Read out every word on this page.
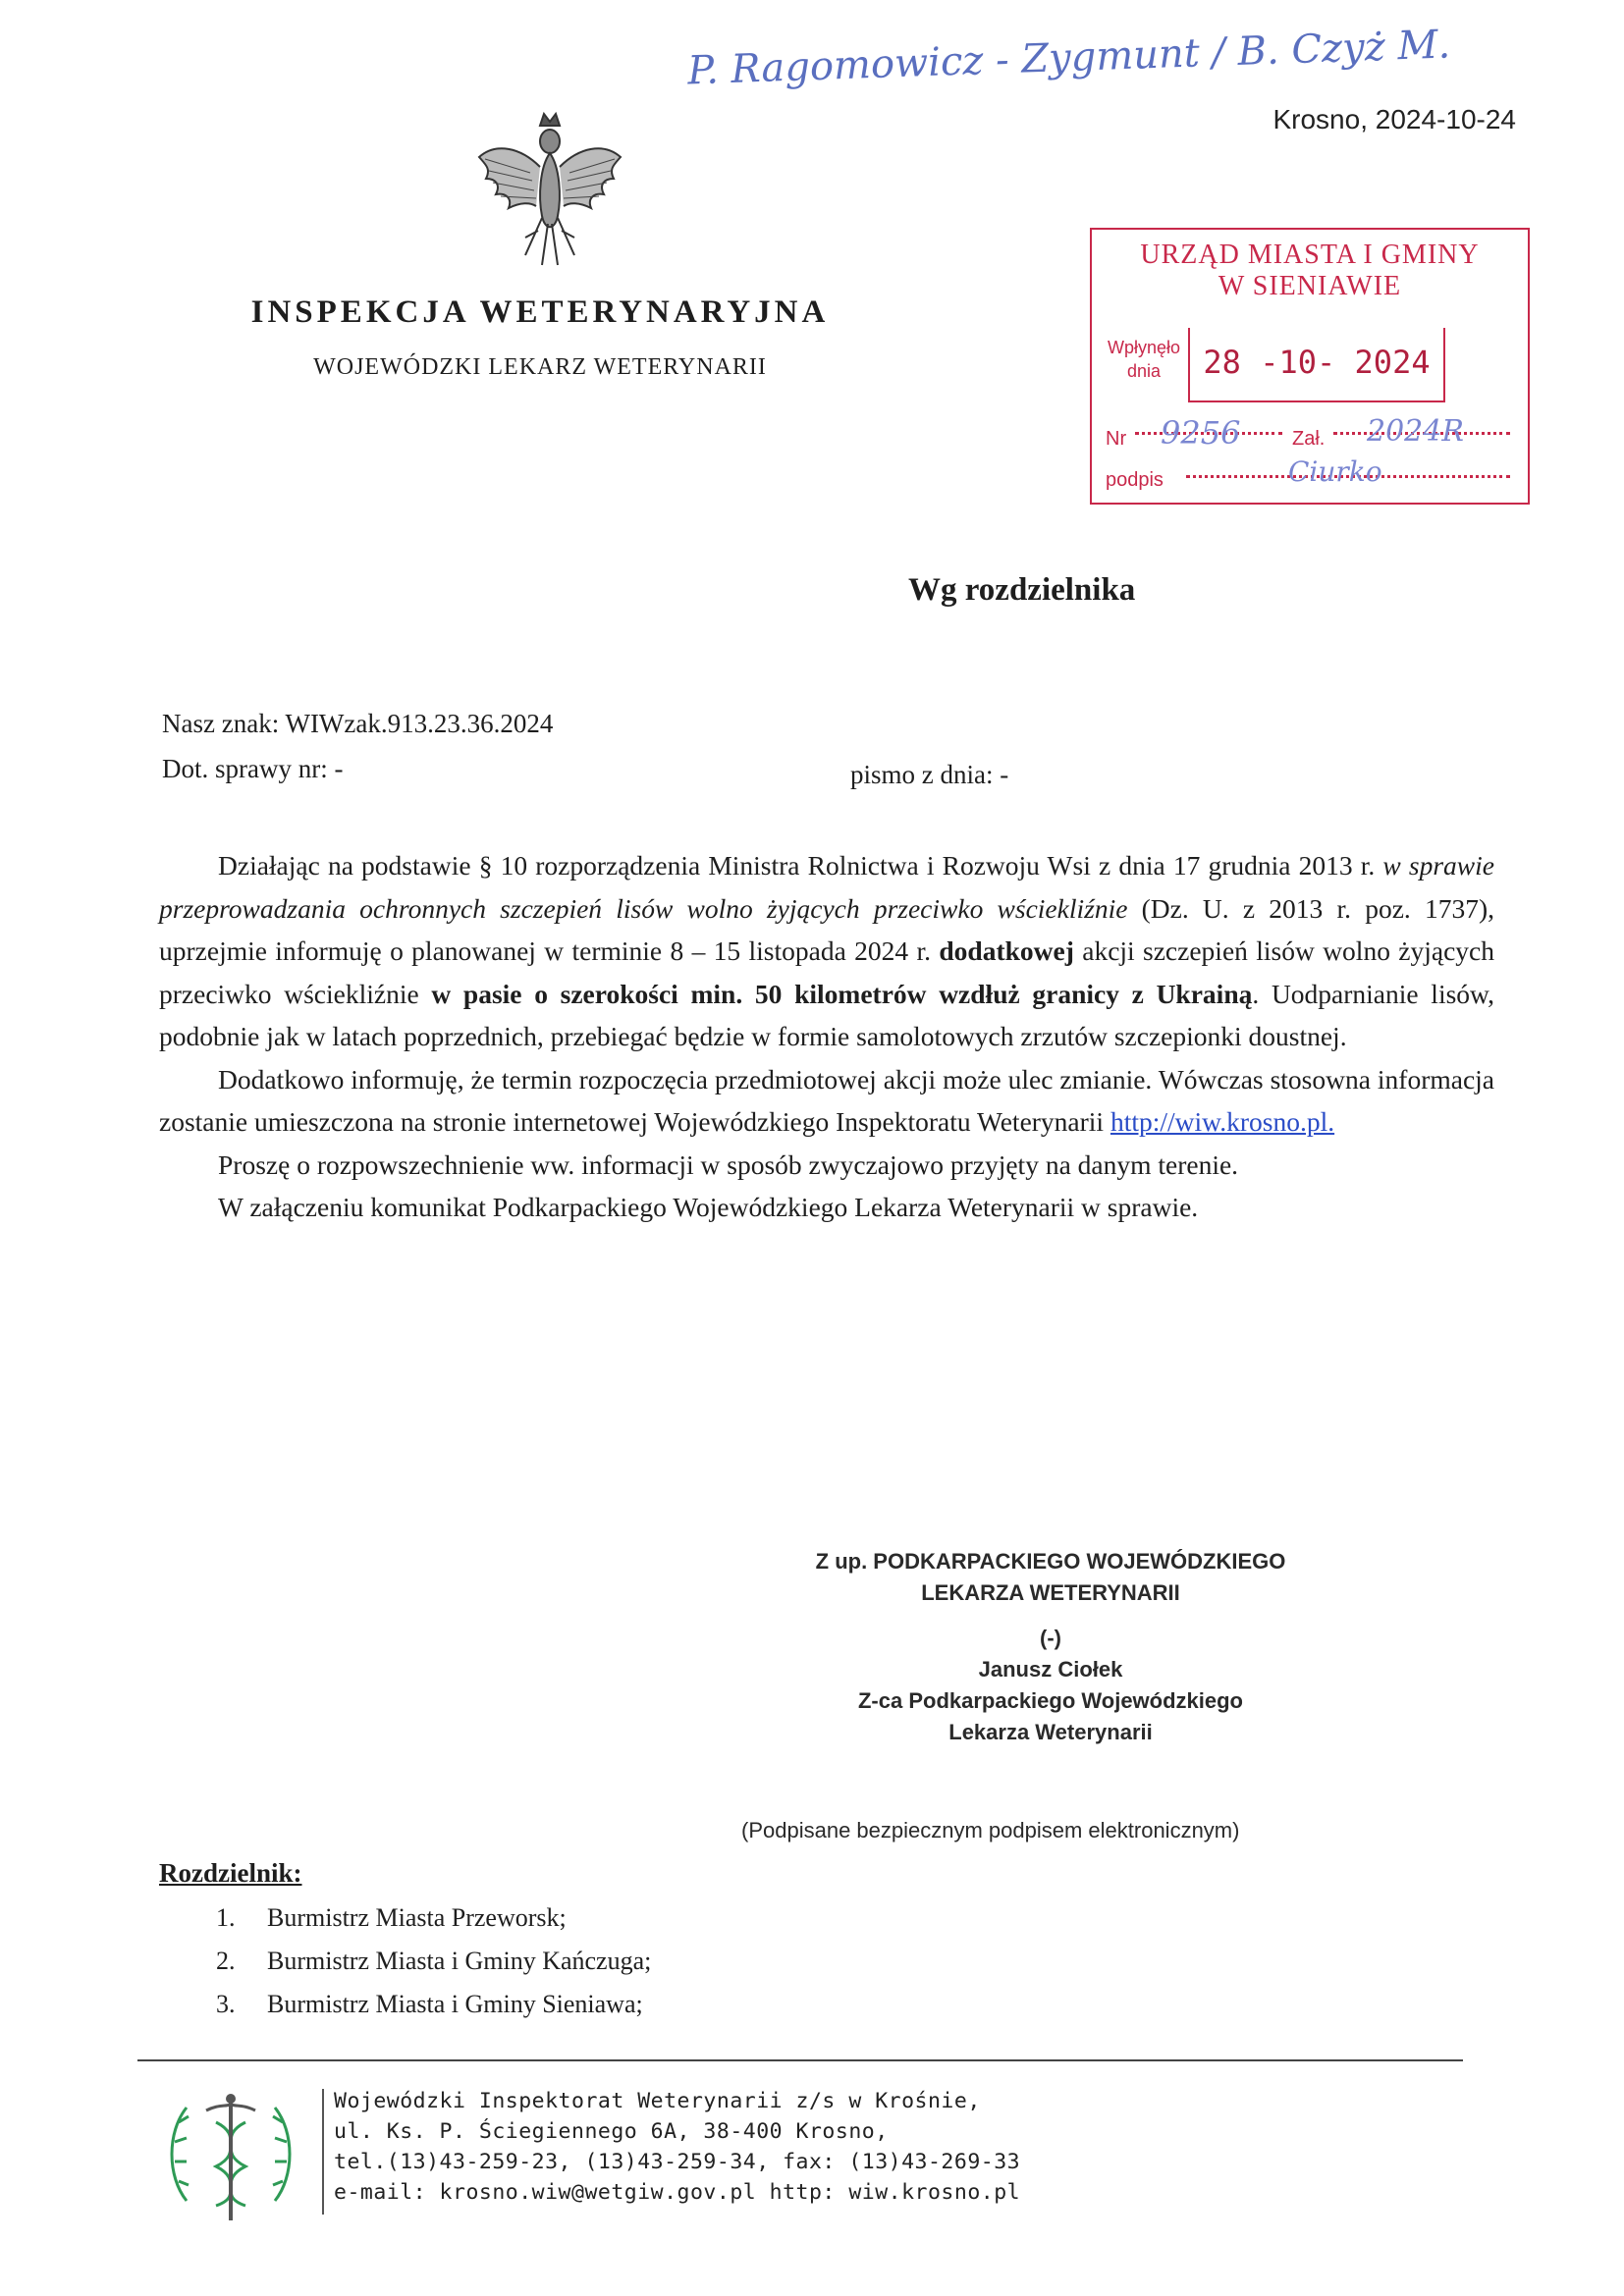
P. Ragomowicz - Zygmunt / B. Czyż M.
Krosno, 2024-10-24
INSPEKCJA WETERYNARYJNA
WOJEWÓDZKI LEKARZ WETERYNARII
URZĄD MIASTA I GMINY
W SIENIAWIE
Wpłynęło dnia	28 -10- 2024
Nr 9256	Zał. 2024R
podpis	Ciurko
Wg rozdzielnika
Nasz znak: WIWzak.913.23.36.2024
Dot. sprawy nr: -	pismo z dnia: -

Działając na podstawie § 10 rozporządzenia Ministra Rolnictwa i Rozwoju Wsi z dnia 17 grudnia 2013 r. w sprawie przeprowadzania ochronnych szczepień lisów wolno żyjących przeciwko wściekliźnie (Dz. U. z 2013 r. poz. 1737), uprzejmie informuję o planowanej w terminie 8 – 15 listopada 2024 r. dodatkowej akcji szczepień lisów wolno żyjących przeciwko wściekliźnie w pasie o szerokości min. 50 kilometrów wzdłuż granicy z Ukrainą. Uodparnianie lisów, podobnie jak w latach poprzednich, przebiegać będzie w formie samolotowych zrzutów szczepionki doustnej.

Dodatkowo informuję, że termin rozpoczęcia przedmiotowej akcji może ulec zmianie. Wówczas stosowna informacja zostanie umieszczona na stronie internetowej Wojewódzkiego Inspektoratu Weterynarii http://wiw.krosno.pl.

Proszę o rozpowszechnienie ww. informacji w sposób zwyczajowo przyjęty na danym terenie.

W załączeniu komunikat Podkarpackiego Wojewódzkiego Lekarza Weterynarii w sprawie.

Z up. PODKARPACKIEGO WOJEWÓDZKIEGO
LEKARZA WETERYNARII
(-)
Janusz Ciołek
Z-ca Podkarpackiego Wojewódzkiego
Lekarza Weterynarii
(Podpisane bezpiecznym podpisem elektronicznym)
Rozdzielnik:
1. Burmistrz Miasta Przeworsk;
2. Burmistrz Miasta i Gminy Kańczuga;
3. Burmistrz Miasta i Gminy Sieniawa;
Wojewódzki Inspektorat Weterynarii z/s w Krośnie,
ul. Ks. P. Ściegiennego 6A, 38-400 Krosno,
tel.(13)43-259-23, (13)43-259-34, fax: (13)43-269-33
e-mail: krosno.wiw@wetgiw.gov.pl http: wiw.krosno.pl
